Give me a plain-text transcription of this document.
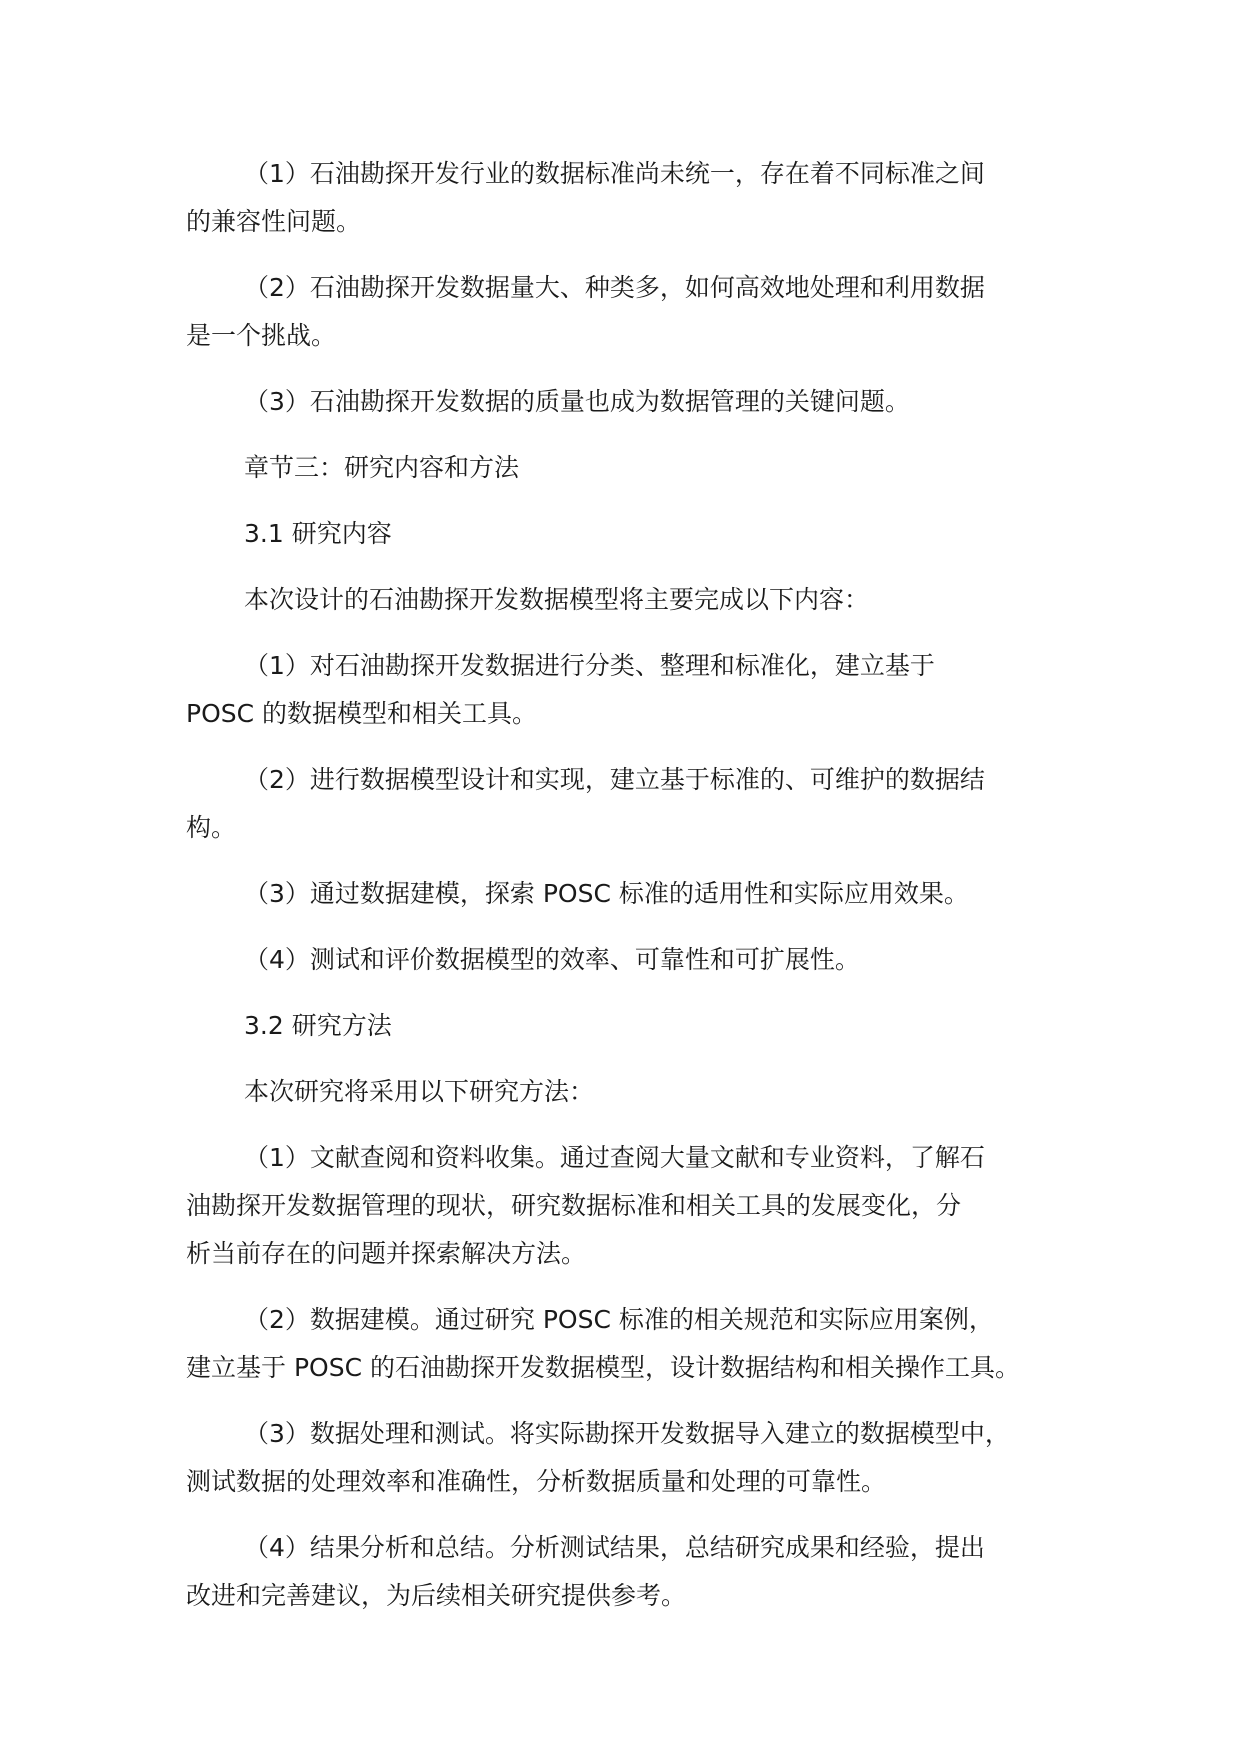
（1）石油勘探开发行业的数据标准尚未统一，存在着不同标准之间
的兼容性问题。

（2）石油勘探开发数据量大、种类多，如何高效地处理和利用数据
是一个挑战。

（3）石油勘探开发数据的质量也成为数据管理的关键问题。

章节三：研究内容和方法

3.1 研究内容

本次设计的石油勘探开发数据模型将主要完成以下内容：

（1）对石油勘探开发数据进行分类、整理和标准化，建立基于
POSC 的数据模型和相关工具。

（2）进行数据模型设计和实现，建立基于标准的、可维护的数据结
构。

（3）通过数据建模，探索 POSC 标准的适用性和实际应用效果。

（4）测试和评价数据模型的效率、可靠性和可扩展性。

3.2 研究方法

本次研究将采用以下研究方法：

（1）文献查阅和资料收集。通过查阅大量文献和专业资料，了解石
油勘探开发数据管理的现状，研究数据标准和相关工具的发展变化，分
析当前存在的问题并探索解决方法。

（2）数据建模。通过研究 POSC 标准的相关规范和实际应用案例，
建立基于 POSC 的石油勘探开发数据模型，设计数据结构和相关操作工具。

（3）数据处理和测试。将实际勘探开发数据导入建立的数据模型中，
测试数据的处理效率和准确性，分析数据质量和处理的可靠性。

（4）结果分析和总结。分析测试结果，总结研究成果和经验，提出
改进和完善建议，为后续相关研究提供参考。
